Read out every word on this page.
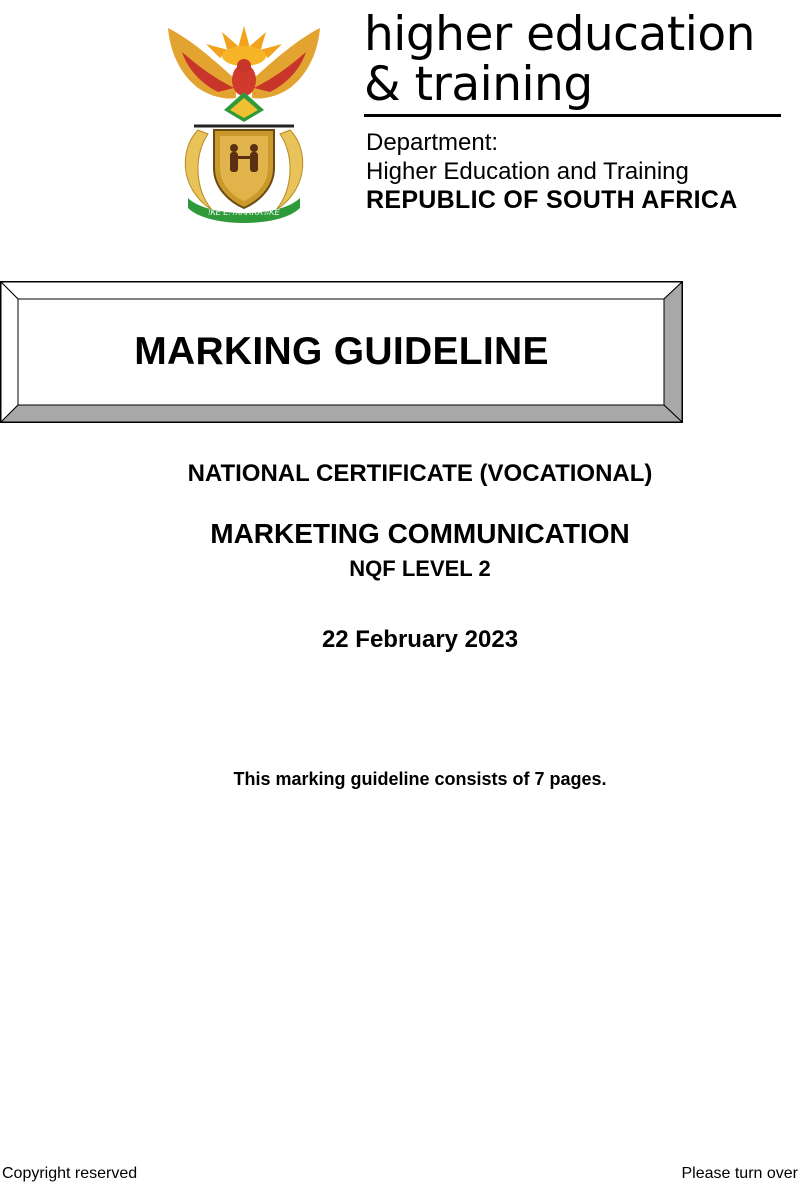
!KE E: /XARRA //KE
higher education
& training
Department:
Higher Education and Training
REPUBLIC OF SOUTH AFRICA
MARKING GUIDELINE
NATIONAL CERTIFICATE (VOCATIONAL)
MARKETING COMMUNICATION
NQF LEVEL 2
22 February 2023
This marking guideline consists of 7 pages.
Copyright reserved	Please turn over
